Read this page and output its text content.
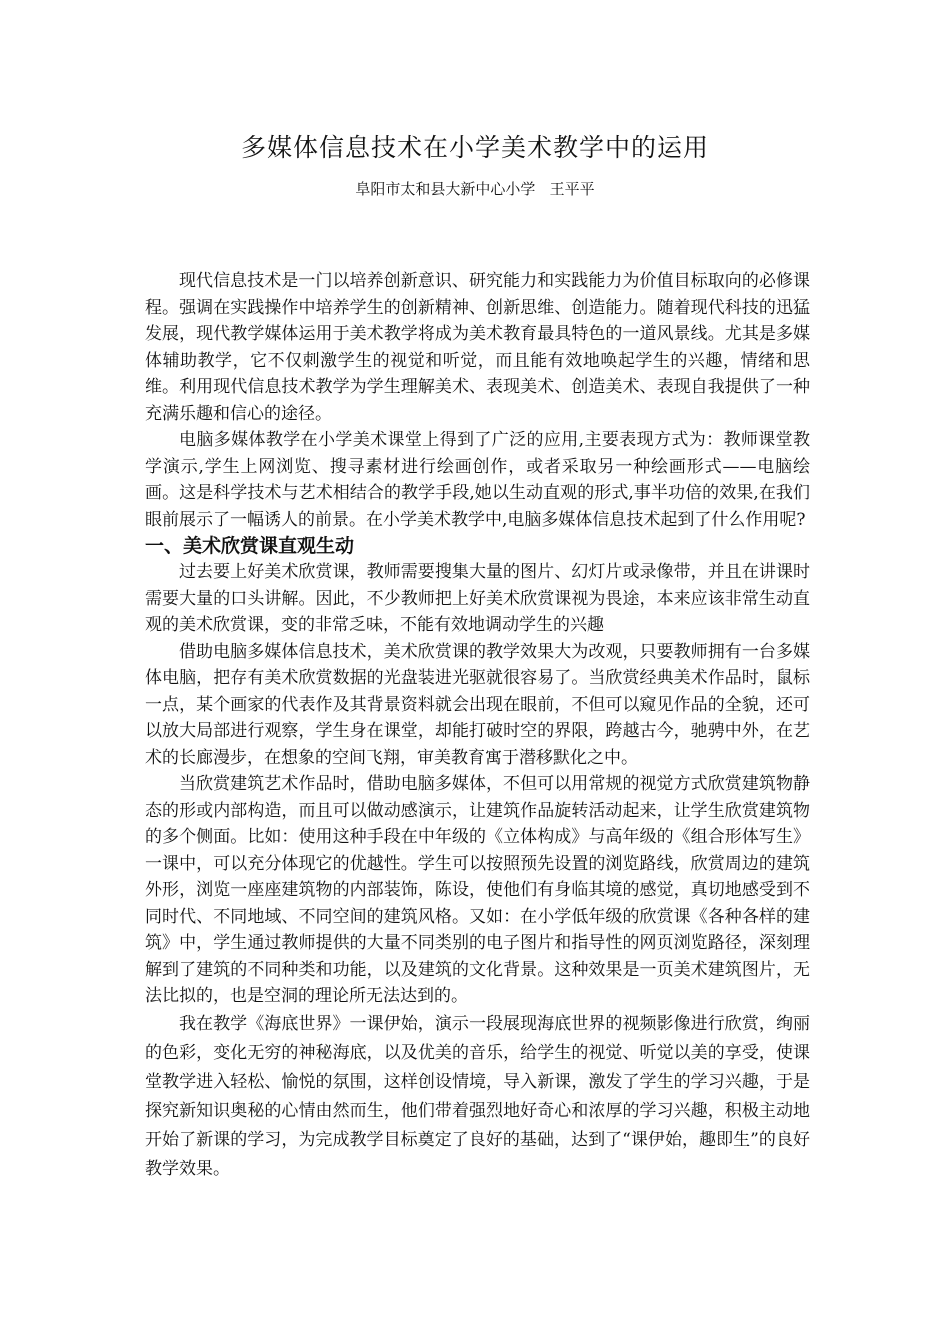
多媒体信息技术在小学美术教学中的运用
阜阳市太和县大新中心小学   王平平

现代信息技术是一门以培养创新意识、研究能力和实践能力为价值目标取向的必修课程。强调在实践操作中培养学生的创新精神、创新思维、创造能力。随着现代科技的迅猛发展，现代教学媒体运用于美术教学将成为美术教育最具特色的一道风景线。尤其是多媒体辅助教学，它不仅刺激学生的视觉和听觉，而且能有效地唤起学生的兴趣，情绪和思维。利用现代信息技术教学为学生理解美术、表现美术、创造美术、表现自我提供了一种充满乐趣和信心的途径。

电脑多媒体教学在小学美术课堂上得到了广泛的应用,主要表现方式为：教师课堂教学演示,学生上网浏览、搜寻素材进行绘画创作，或者采取另一种绘画形式——电脑绘画。这是科学技术与艺术相结合的教学手段,她以生动直观的形式,事半功倍的效果,在我们眼前展示了一幅诱人的前景。在小学美术教学中,电脑多媒体信息技术起到了什么作用呢?

一、美术欣赏课直观生动

过去要上好美术欣赏课，教师需要搜集大量的图片、幻灯片或录像带，并且在讲课时需要大量的口头讲解。因此，不少教师把上好美术欣赏课视为畏途，本来应该非常生动直观的美术欣赏课，变的非常乏味，不能有效地调动学生的兴趣

借助电脑多媒体信息技术，美术欣赏课的教学效果大为改观，只要教师拥有一台多媒体电脑，把存有美术欣赏数据的光盘装进光驱就很容易了。当欣赏经典美术作品时，鼠标一点，某个画家的代表作及其背景资料就会出现在眼前，不但可以窥见作品的全貌，还可以放大局部进行观察，学生身在课堂，却能打破时空的界限，跨越古今，驰骋中外，在艺术的长廊漫步，在想象的空间飞翔，审美教育寓于潜移默化之中。

当欣赏建筑艺术作品时，借助电脑多媒体，不但可以用常规的视觉方式欣赏建筑物静态的形或内部构造，而且可以做动感演示，让建筑作品旋转活动起来，让学生欣赏建筑物的多个侧面。比如：使用这种手段在中年级的《立体构成》与高年级的《组合形体写生》一课中，可以充分体现它的优越性。学生可以按照预先设置的浏览路线，欣赏周边的建筑外形，浏览一座座建筑物的内部装饰，陈设，使他们有身临其境的感觉，真切地感受到不同时代、不同地域、不同空间的建筑风格。又如：在小学低年级的欣赏课《各种各样的建筑》中，学生通过教师提供的大量不同类别的电子图片和指导性的网页浏览路径，深刻理解到了建筑的不同种类和功能，以及建筑的文化背景。这种效果是一页美术建筑图片，无法比拟的，也是空洞的理论所无法达到的。

我在教学《海底世界》一课伊始，演示一段展现海底世界的视频影像进行欣赏，绚丽的色彩，变化无穷的神秘海底，以及优美的音乐，给学生的视觉、听觉以美的享受，使课堂教学进入轻松、愉悦的氛围，这样创设情境，导入新课，激发了学生的学习兴趣，于是探究新知识奥秘的心情由然而生，他们带着强烈地好奇心和浓厚的学习兴趣，积极主动地开始了新课的学习，为完成教学目标奠定了良好的基础，达到了“课伊始，趣即生”的良好教学效果。
